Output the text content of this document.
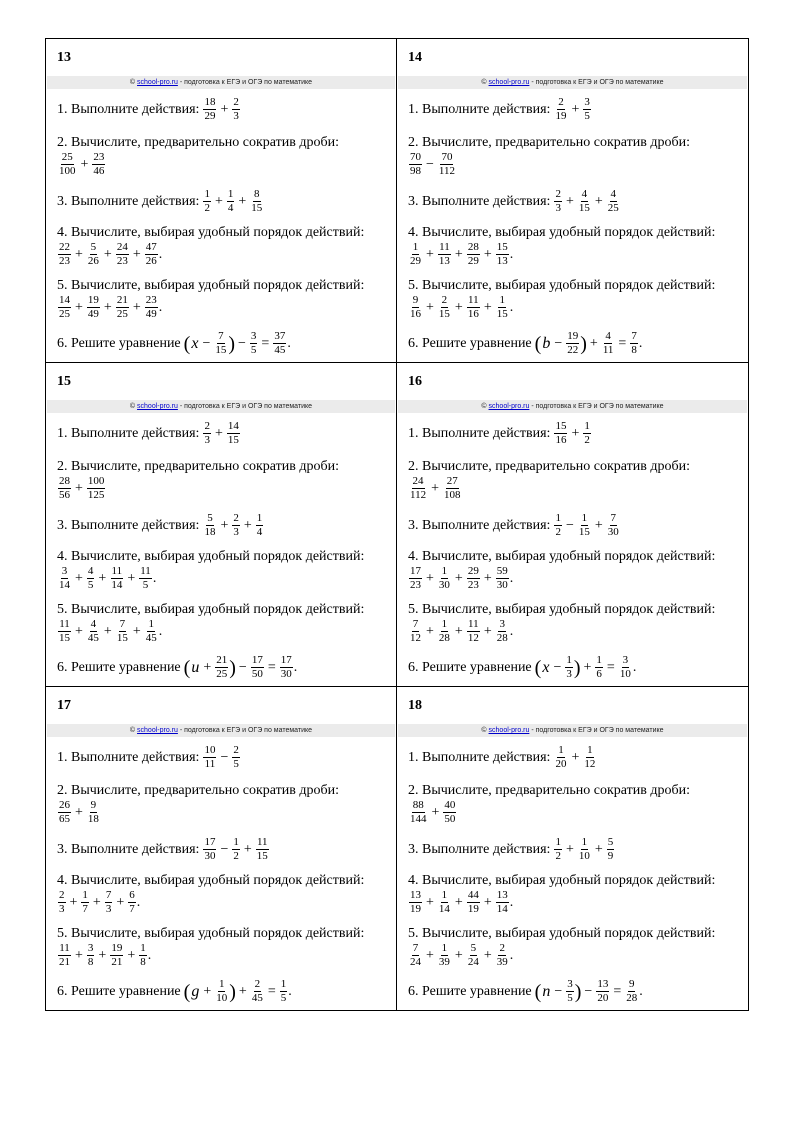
13
© school-pro.ru - подготовка к ЕГЭ и ОГЭ по математике
1. Выполните действия: $\frac{18}{29} + \frac{2}{3}$
2. Вычислите, предварительно сократив дроби:
$\frac{25}{100} + \frac{23}{46}$
3. Выполните действия: $\frac{1}{2} + \frac{1}{4} + \frac{8}{15}$
4. Вычислите, выбирая удобный порядок действий:
$\frac{22}{23} + \frac{5}{26} + \frac{24}{23} + \frac{47}{26}$ .
5. Вычислите, выбирая удобный порядок действий:
$\frac{14}{25} + \frac{19}{49} + \frac{21}{25} + \frac{23}{49}$ .
6. Решите уравнение ( $x - \frac{7}{15}$ ) − $\frac{3}{5} = \frac{37}{45}$ .
14
© school-pro.ru - подготовка к ЕГЭ и ОГЭ по математике
1. Выполните действия: $\frac{2}{19} + \frac{3}{5}$
2. Вычислите, предварительно сократив дроби:
$\frac{70}{98} - \frac{70}{112}$
3. Выполните действия: $\frac{2}{3} + \frac{4}{15} + \frac{4}{25}$
4. Вычислите, выбирая удобный порядок действий:
$\frac{1}{29} + \frac{11}{13} + \frac{28}{29} + \frac{15}{13}$ .
5. Вычислите, выбирая удобный порядок действий:
$\frac{9}{16} + \frac{2}{15} + \frac{11}{16} + \frac{1}{15}$ .
6. Решите уравнение ( $b - \frac{19}{22}$ ) + $\frac{4}{11} = \frac{7}{8}$ .
15
© school-pro.ru - подготовка к ЕГЭ и ОГЭ по математике
1. Выполните действия: $\frac{2}{3} + \frac{14}{15}$
2. Вычислите, предварительно сократив дроби:
$\frac{28}{56} + \frac{100}{125}$
3. Выполните действия: $\frac{5}{18} + \frac{2}{3} + \frac{1}{4}$
4. Вычислите, выбирая удобный порядок действий:
$\frac{3}{14} + \frac{4}{5} + \frac{11}{14} + \frac{11}{5}$ .
5. Вычислите, выбирая удобный порядок действий:
$\frac{11}{15} + \frac{4}{45} + \frac{7}{15} + \frac{1}{45}$ .
6. Решите уравнение ( $u + \frac{21}{25}$ ) − $\frac{17}{50} = \frac{17}{30}$ .
16
© school-pro.ru - подготовка к ЕГЭ и ОГЭ по математике
1. Выполните действия: $\frac{15}{16} + \frac{1}{2}$
2. Вычислите, предварительно сократив дроби:
$\frac{24}{112} + \frac{27}{108}$
3. Выполните действия: $\frac{1}{2} - \frac{1}{15} + \frac{7}{30}$
4. Вычислите, выбирая удобный порядок действий:
$\frac{17}{23} + \frac{1}{30} + \frac{29}{23} + \frac{59}{30}$ .
5. Вычислите, выбирая удобный порядок действий:
$\frac{7}{12} + \frac{1}{28} + \frac{11}{12} + \frac{3}{28}$ .
6. Решите уравнение ( $x - \frac{1}{3}$ ) + $\frac{1}{6} = \frac{3}{10}$ .
17
© school-pro.ru - подготовка к ЕГЭ и ОГЭ по математике
1. Выполните действия: $\frac{10}{11} - \frac{2}{5}$
2. Вычислите, предварительно сократив дроби:
$\frac{26}{65} + \frac{9}{18}$
3. Выполните действия: $\frac{17}{30} - \frac{1}{2} + \frac{11}{15}$
4. Вычислите, выбирая удобный порядок действий:
$\frac{2}{3} + \frac{1}{7} + \frac{7}{3} + \frac{6}{7}$ .
5. Вычислите, выбирая удобный порядок действий:
$\frac{11}{21} + \frac{3}{8} + \frac{19}{21} + \frac{1}{8}$ .
6. Решите уравнение ( $g + \frac{1}{10}$ ) + $\frac{2}{45} = \frac{1}{5}$ .
18
© school-pro.ru - подготовка к ЕГЭ и ОГЭ по математике
1. Выполните действия: $\frac{1}{20} + \frac{1}{12}$
2. Вычислите, предварительно сократив дроби:
$\frac{88}{144} + \frac{40}{50}$
3. Выполните действия: $\frac{1}{2} + \frac{1}{10} + \frac{5}{9}$
4. Вычислите, выбирая удобный порядок действий:
$\frac{13}{19} + \frac{1}{14} + \frac{44}{19} + \frac{13}{14}$ .
5. Вычислите, выбирая удобный порядок действий:
$\frac{7}{24} + \frac{1}{39} + \frac{5}{24} + \frac{2}{39}$ .
6. Решите уравнение ( $n - \frac{3}{5}$ ) − $\frac{13}{20} = \frac{9}{28}$ .
